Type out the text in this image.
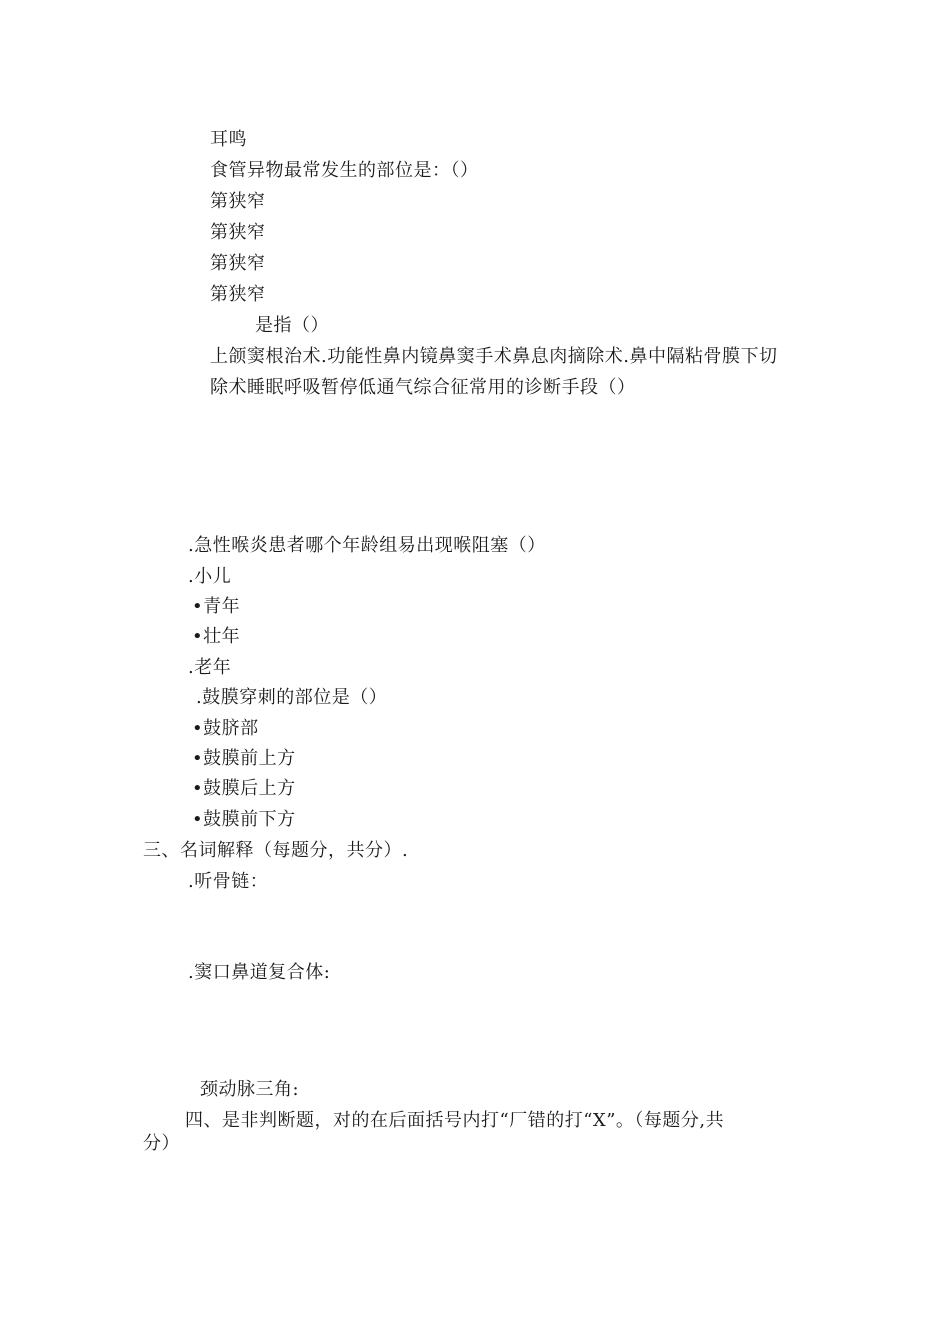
耳鸣
食管异物最常发生的部位是：（）
第狭窄
第狭窄
第狭窄
第狭窄
是指（）
上颌窦根治术.功能性鼻内镜鼻窦手术鼻息肉摘除术.鼻中隔粘骨膜下切
除术睡眠呼吸暂停低通气综合征常用的诊断手段（）
.急性喉炎患者哪个年龄组易出现喉阻塞（）
.小儿
•青年
•壮年
.老年
.鼓膜穿刺的部位是（）
•鼓脐部
•鼓膜前上方
•鼓膜后上方
•鼓膜前下方
三、名词解释（每题分，共分）.
.听骨链：
.窦口鼻道复合体:
颈动脉三角:
四、是非判断题，对的在后面括号内打“厂错的打“X”。（每题分,共
分）
